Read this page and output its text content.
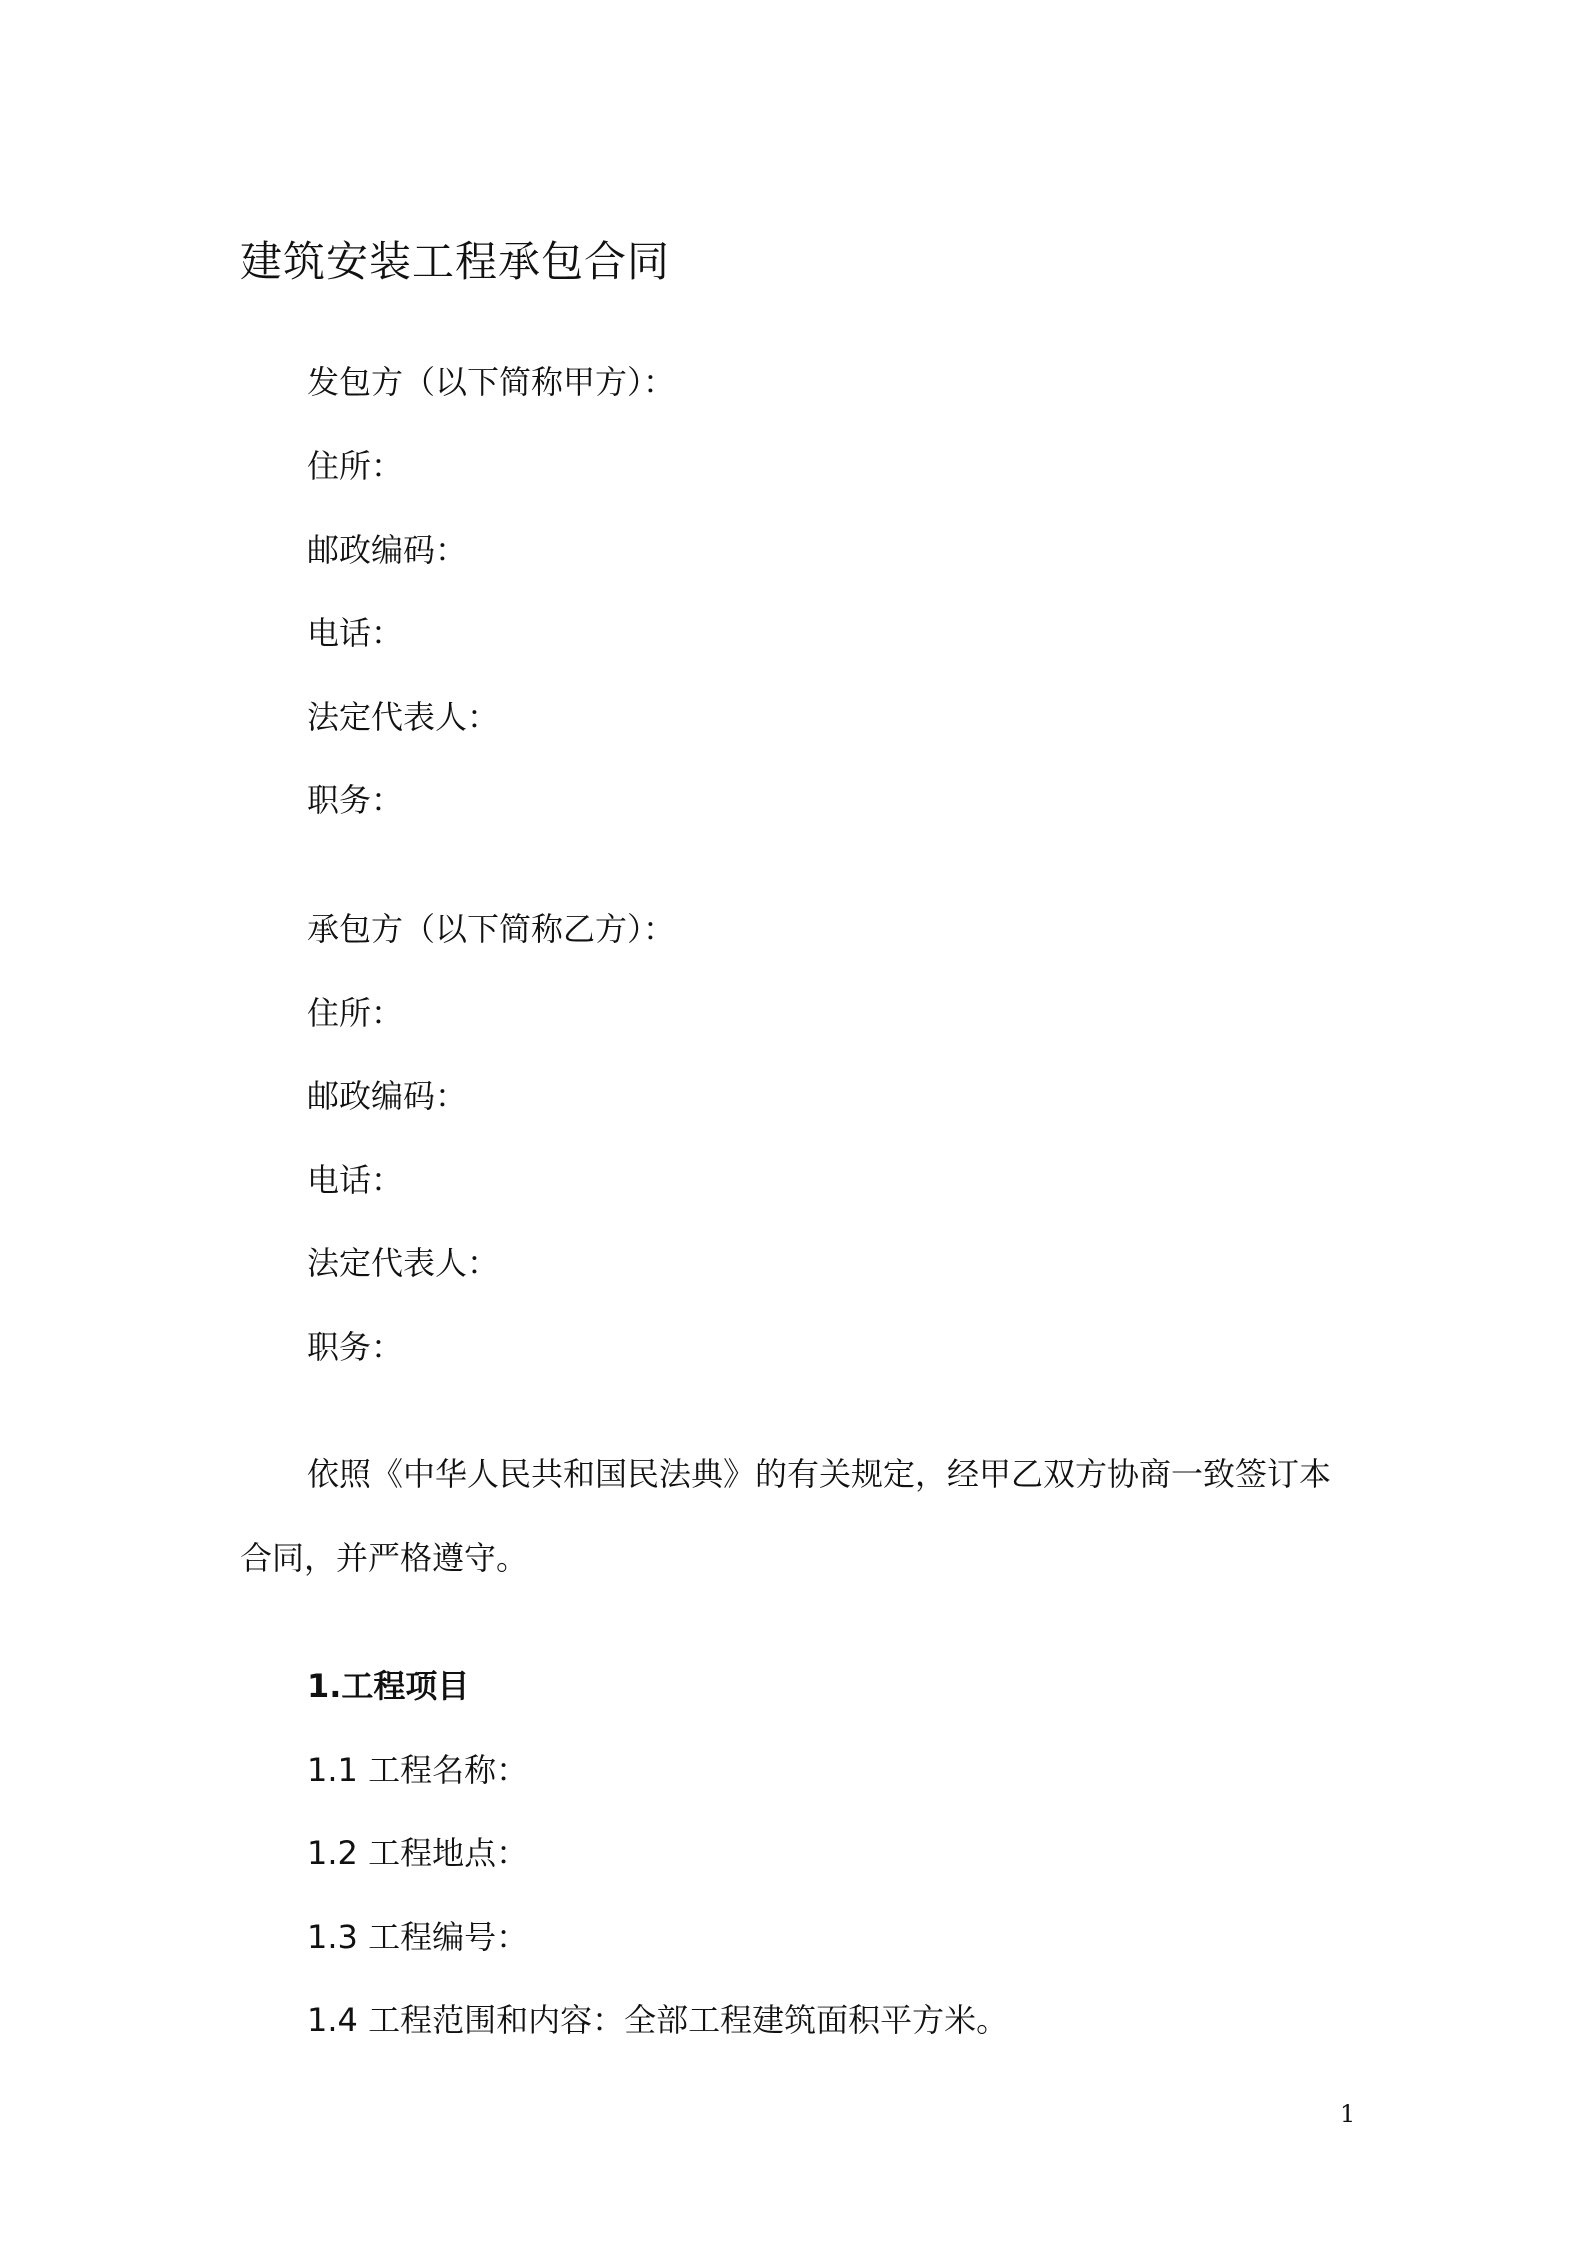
建筑安装工程承包合同

发包方（以下简称甲方）：

住所：

邮政编码：

电话：

法定代表人：

职务：

承包方（以下简称乙方）：

住所：

邮政编码：

电话：

法定代表人：

职务：

依照《中华人民共和国民法典》的有关规定，经甲乙双方协商一致签订本合同，并严格遵守。

1.工程项目

1.1 工程名称：

1.2 工程地点：

1.3 工程编号：

1.4 工程范围和内容：全部工程建筑面积平方米。

1
